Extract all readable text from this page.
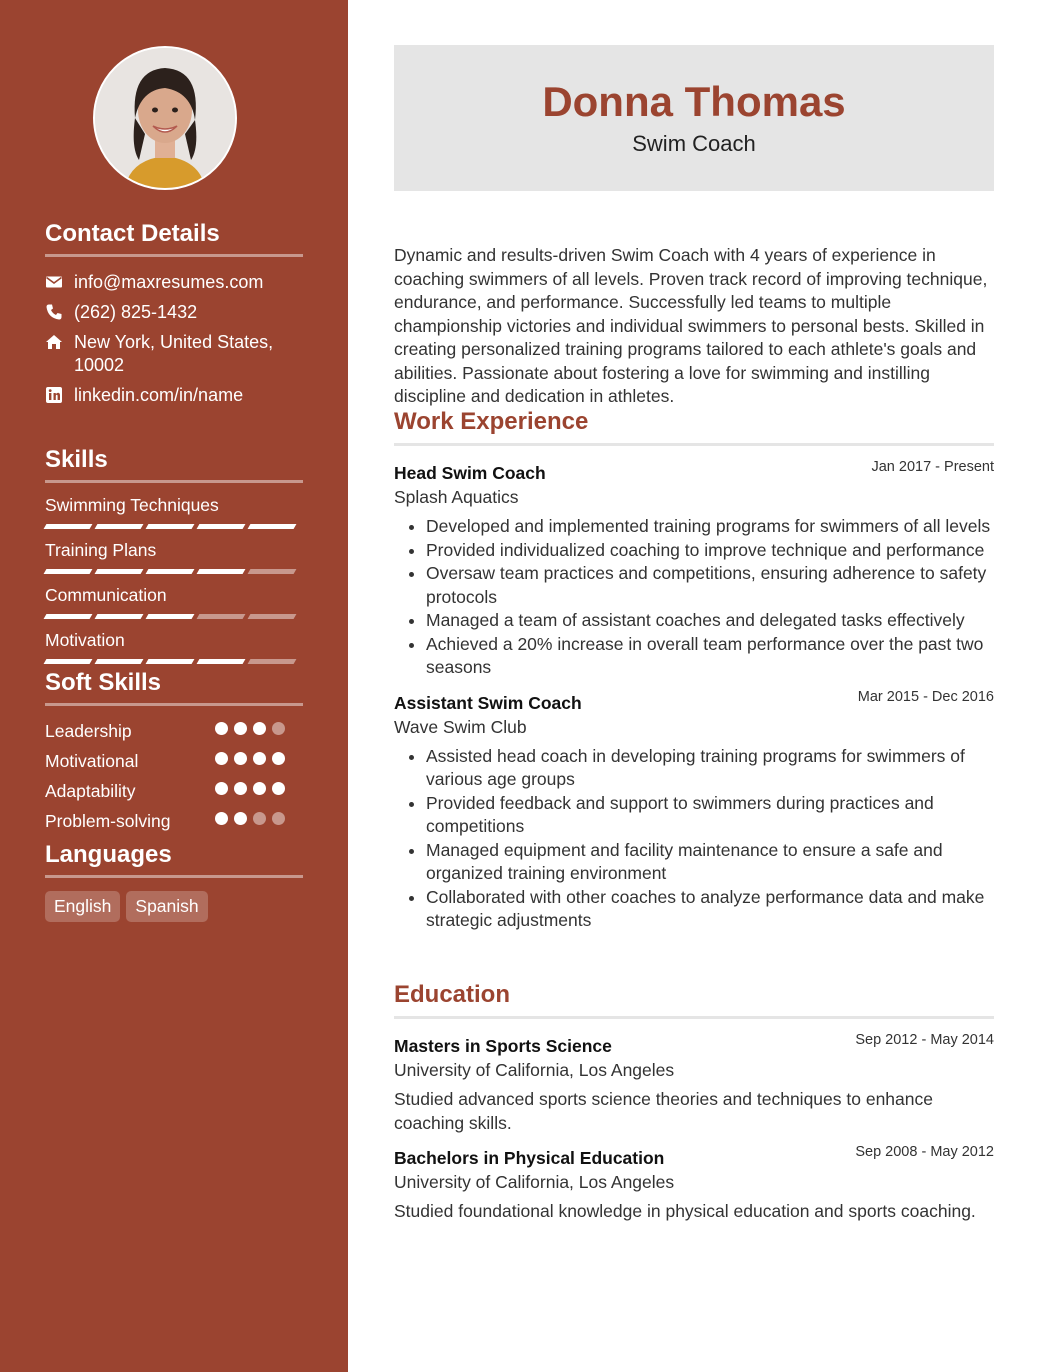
Contact Details
info@maxresumes.com
(262) 825-1432
New York, United States, 10002
linkedin.com/in/name
Skills
Swimming Techniques
Training Plans
Communication
Motivation
Soft Skills
Leadership
Motivational
Adaptability
Problem-solving
Languages
English	Spanish
Donna Thomas
Swim Coach

Dynamic and results-driven Swim Coach with 4 years of experience in coaching swimmers of all levels. Proven track record of improving technique, endurance, and performance. Successfully led teams to multiple championship victories and individual swimmers to personal bests. Skilled in creating personalized training programs tailored to each athlete's goals and abilities. Passionate about fostering a love for swimming and instilling discipline and dedication in athletes.

Work Experience
Head Swim Coach	Jan 2017 - Present
Splash Aquatics
• Developed and implemented training programs for swimmers of all levels
• Provided individualized coaching to improve technique and performance
• Oversaw team practices and competitions, ensuring adherence to safety protocols
• Managed a team of assistant coaches and delegated tasks effectively
• Achieved a 20% increase in overall team performance over the past two seasons
Assistant Swim Coach	Mar 2015 - Dec 2016
Wave Swim Club
• Assisted head coach in developing training programs for swimmers of various age groups
• Provided feedback and support to swimmers during practices and competitions
• Managed equipment and facility maintenance to ensure a safe and organized training environment
• Collaborated with other coaches to analyze performance data and make strategic adjustments
Education
Masters in Sports Science	Sep 2012 - May 2014
University of California, Los Angeles
Studied advanced sports science theories and techniques to enhance coaching skills.
Bachelors in Physical Education	Sep 2008 - May 2012
University of California, Los Angeles
Studied foundational knowledge in physical education and sports coaching.
